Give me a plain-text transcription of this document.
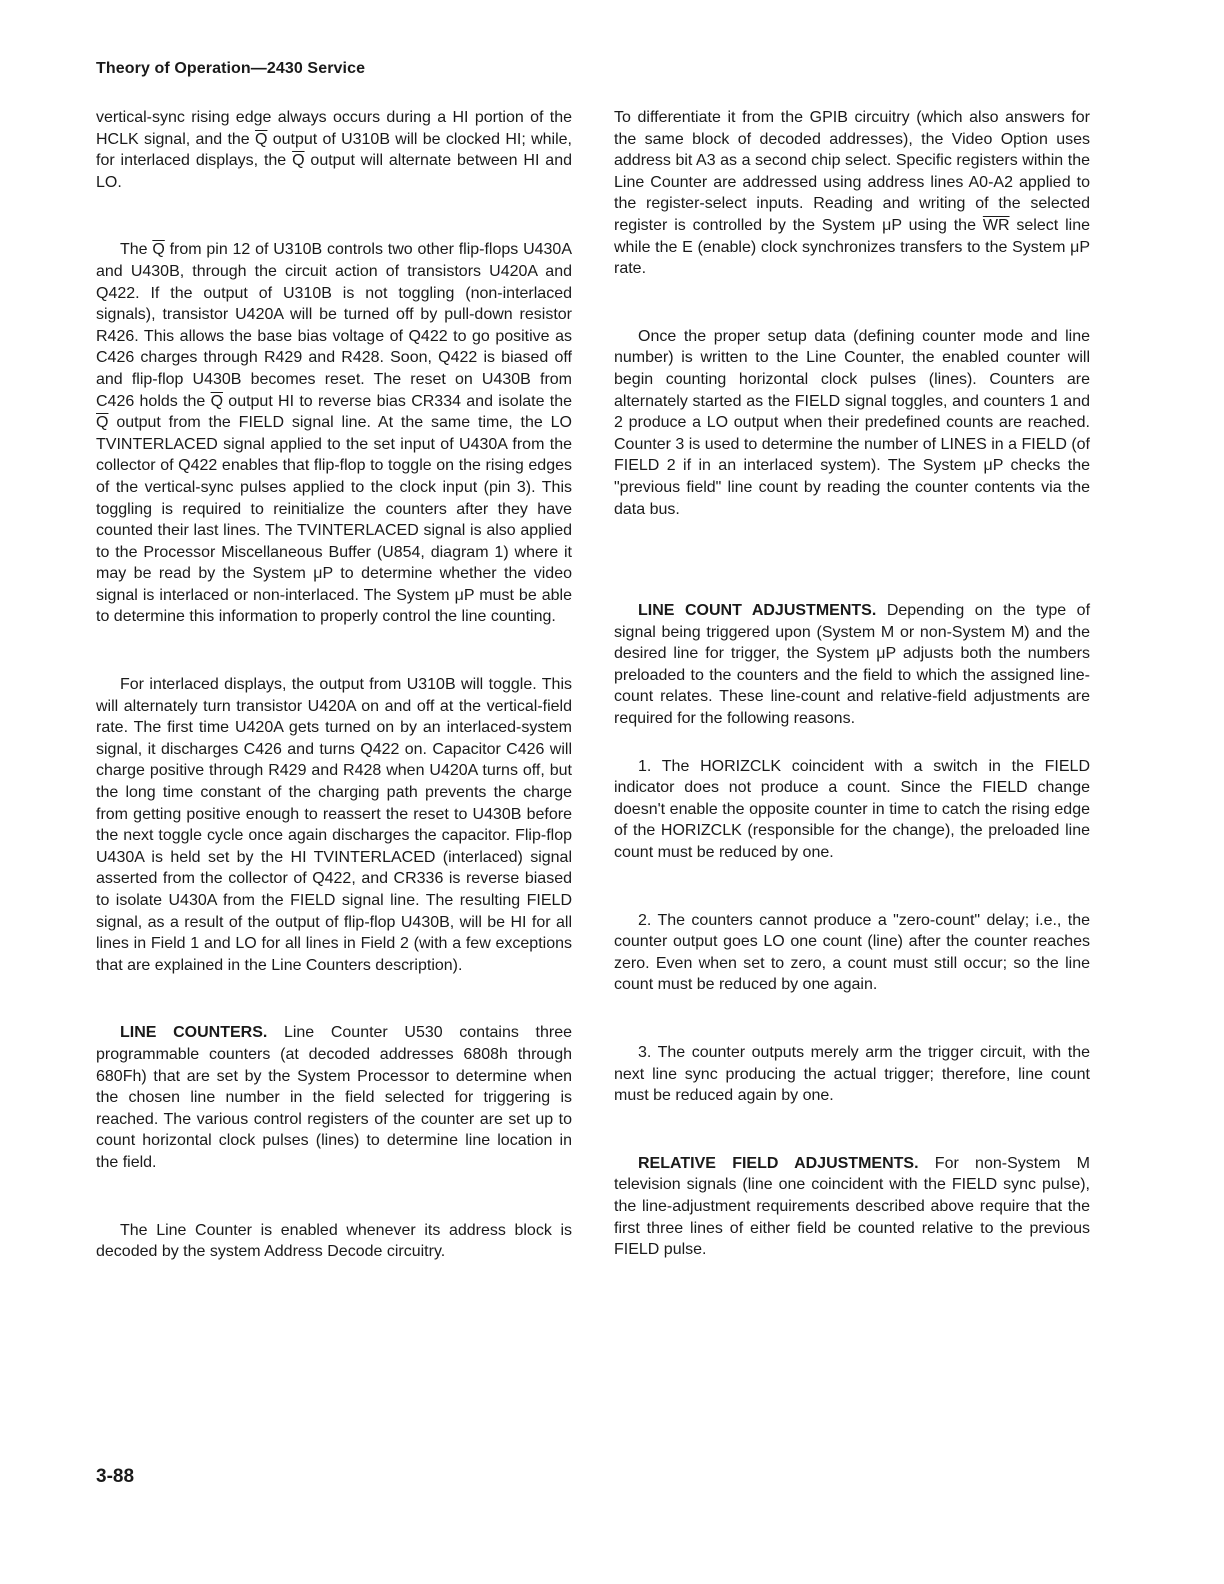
Theory of Operation—2430 Service

vertical-sync rising edge always occurs during a HI portion of the HCLK signal, and the $\overline{Q}$ output of U310B will be clocked HI; while, for interlaced displays, the $\overline{Q}$ output will alternate between HI and LO.

The $\overline{Q}$ from pin 12 of U310B controls two other flip-flops U430A and U430B, through the circuit action of transistors U420A and Q422. If the output of U310B is not toggling (non-interlaced signals), transistor U420A will be turned off by pull-down resistor R426. This allows the base bias voltage of Q422 to go positive as C426 charges through R429 and R428. Soon, Q422 is biased off and flip-flop U430B becomes reset. The reset on U430B from C426 holds the $\overline{Q}$ output HI to reverse bias CR334 and isolate the $\overline{Q}$ output from the FIELD signal line. At the same time, the LO TVINTERLACED signal applied to the set input of U430A from the collector of Q422 enables that flip-flop to toggle on the rising edges of the vertical-sync pulses applied to the clock input (pin 3). This toggling is required to reinitialize the counters after they have counted their last lines. The TVINTERLACED signal is also applied to the Processor Miscellaneous Buffer (U854, diagram 1) where it may be read by the System μP to determine whether the video signal is interlaced or non-interlaced. The System μP must be able to determine this information to properly control the line counting.

For interlaced displays, the output from U310B will toggle. This will alternately turn transistor U420A on and off at the vertical-field rate. The first time U420A gets turned on by an interlaced-system signal, it discharges C426 and turns Q422 on. Capacitor C426 will charge positive through R429 and R428 when U420A turns off, but the long time constant of the charging path prevents the charge from getting positive enough to reassert the reset to U430B before the next toggle cycle once again discharges the capacitor. Flip-flop U430A is held set by the HI TVINTERLACED (interlaced) signal asserted from the collector of Q422, and CR336 is reverse biased to isolate U430A from the FIELD signal line. The resulting FIELD signal, as a result of the output of flip-flop U430B, will be HI for all lines in Field 1 and LO for all lines in Field 2 (with a few exceptions that are explained in the Line Counters description).

LINE COUNTERS. Line Counter U530 contains three programmable counters (at decoded addresses 6808h through 680Fh) that are set by the System Processor to determine when the chosen line number in the field selected for triggering is reached. The various control registers of the counter are set up to count horizontal clock pulses (lines) to determine line location in the field.

The Line Counter is enabled whenever its address block is decoded by the system Address Decode circuitry.

To differentiate it from the GPIB circuitry (which also answers for the same block of decoded addresses), the Video Option uses address bit A3 as a second chip select. Specific registers within the Line Counter are addressed using address lines A0-A2 applied to the register-select inputs. Reading and writing of the selected register is controlled by the System μP using the $\overline{WR}$ select line while the E (enable) clock synchronizes transfers to the System μP rate.

Once the proper setup data (defining counter mode and line number) is written to the Line Counter, the enabled counter will begin counting horizontal clock pulses (lines). Counters are alternately started as the FIELD signal toggles, and counters 1 and 2 produce a LO output when their predefined counts are reached. Counter 3 is used to determine the number of LINES in a FIELD (of FIELD 2 if in an interlaced system). The System μP checks the "previous field" line count by reading the counter contents via the data bus.

LINE COUNT ADJUSTMENTS. Depending on the type of signal being triggered upon (System M or non-System M) and the desired line for trigger, the System μP adjusts both the numbers preloaded to the counters and the field to which the assigned line-count relates. These line-count and relative-field adjustments are required for the following reasons.

1. The HORIZCLK coincident with a switch in the FIELD indicator does not produce a count. Since the FIELD change doesn't enable the opposite counter in time to catch the rising edge of the HORIZCLK (responsible for the change), the preloaded line count must be reduced by one.

2. The counters cannot produce a "zero-count" delay; i.e., the counter output goes LO one count (line) after the counter reaches zero. Even when set to zero, a count must still occur; so the line count must be reduced by one again.

3. The counter outputs merely arm the trigger circuit, with the next line sync producing the actual trigger; therefore, line count must be reduced again by one.

RELATIVE FIELD ADJUSTMENTS. For non-System M television signals (line one coincident with the FIELD sync pulse), the line-adjustment requirements described above require that the first three lines of either field be counted relative to the previous FIELD pulse.

3-88
